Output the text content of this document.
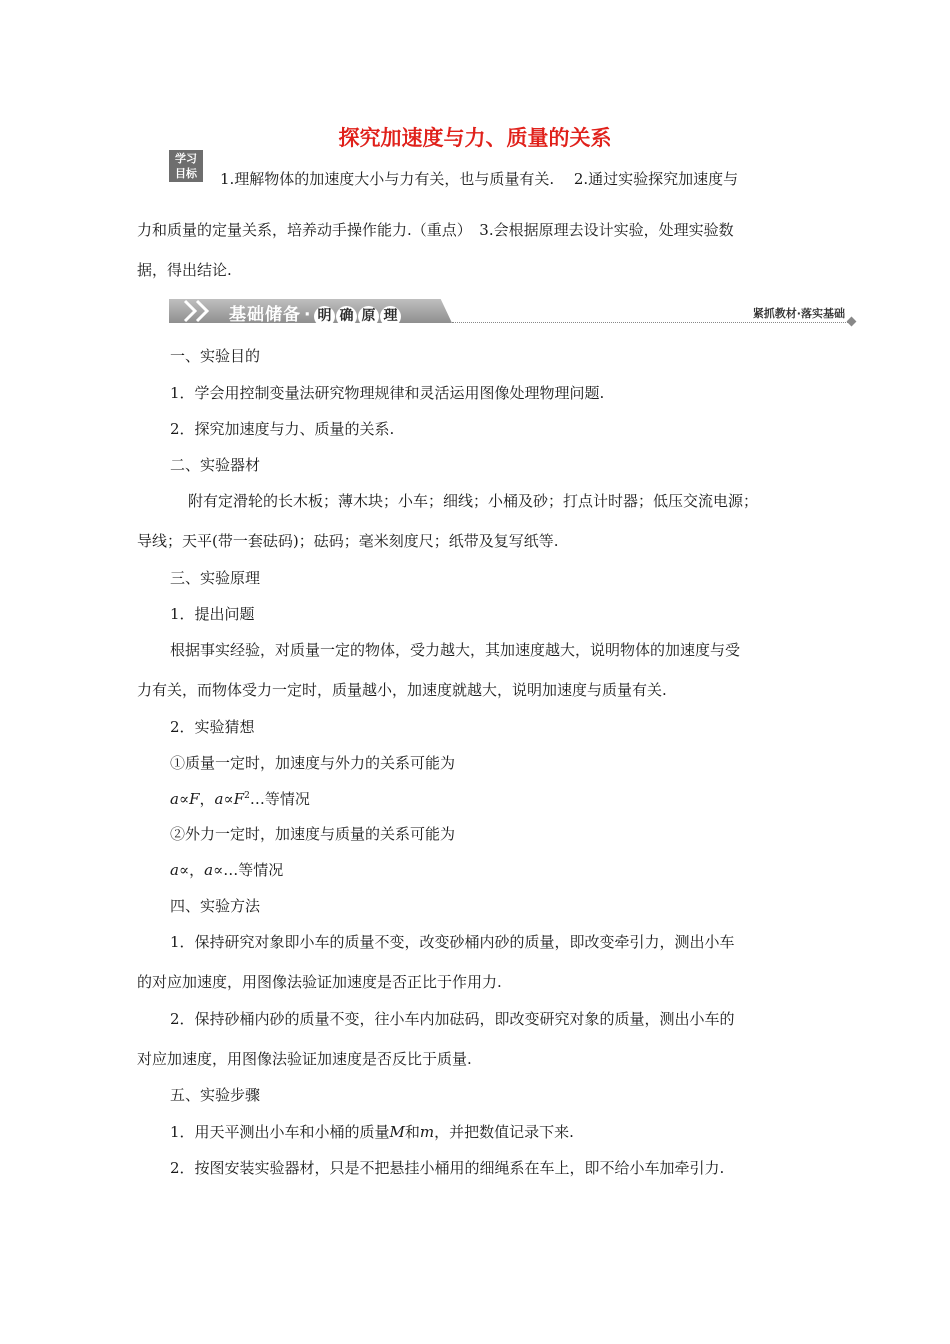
探究加速度与力、质量的关系
学习
目标	1.理解物体的加速度大小与力有关，也与质量有关.　 2.通过实验探究加速度与
力和质量的定量关系，培养动手操作能力.（重点）　3.会根据原理去设计实验，处理实验数
据，得出结论.
基础储备 · 明 确 原 理	紧抓教材·落实基础
一、实验目的
1．学会用控制变量法研究物理规律和灵活运用图像处理物理问题.
2．探究加速度与力、质量的关系.
二、实验器材
附有定滑轮的长木板；薄木块；小车；细线；小桶及砂；打点计时器；低压交流电源；
导线；天平(带一套砝码)；砝码；毫米刻度尺；纸带及复写纸等.
三、实验原理
1．提出问题
根据事实经验，对质量一定的物体，受力越大，其加速度越大，说明物体的加速度与受
力有关，而物体受力一定时，质量越小，加速度就越大，说明加速度与质量有关.
2．实验猜想
①质量一定时，加速度与外力的关系可能为
a∝F，$a\propto F^2\dots$等情况
②外力一定时，加速度与质量的关系可能为
a∝，a∝…等情况
四、实验方法
1．保持研究对象即小车的质量不变，改变砂桶内砂的质量，即改变牵引力，测出小车
的对应加速度，用图像法验证加速度是否正比于作用力.
2．保持砂桶内砂的质量不变，往小车内加砝码，即改变研究对象的质量，测出小车的
对应加速度，用图像法验证加速度是否反比于质量.
五、实验步骤
1．用天平测出小车和小桶的质量M和m，并把数值记录下来.
2．按图安装实验器材，只是不把悬挂小桶用的细绳系在车上，即不给小车加牵引力.
